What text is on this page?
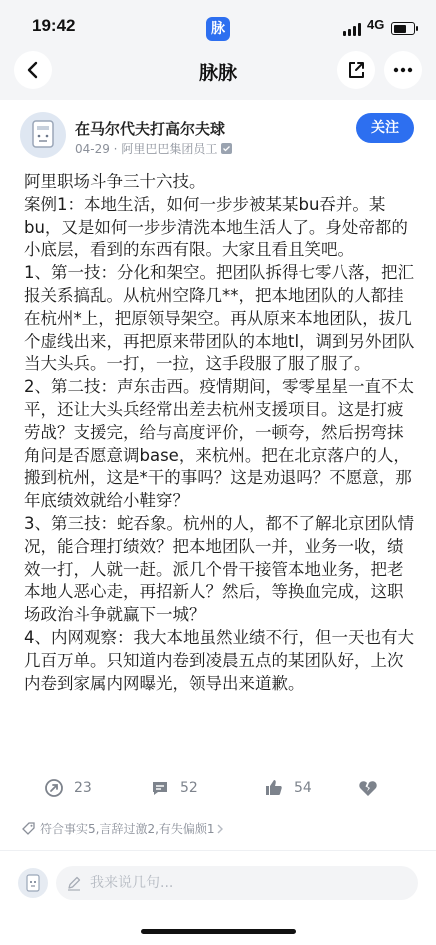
19:42	脉	4G
脉脉
在马尔代夫打高尔夫球
04-29 · 阿里巴巴集团员工
关注

阿里职场斗争三十六技。

案例1：本地生活，如何一步步被某某bu吞并。某bu，又是如何一步步清洗本地生活人了。身处帝都的小底层，看到的东西有限。大家且看且笑吧。

1、第一技：分化和架空。把团队拆得七零八落，把汇报关系搞乱。从杭州空降几**，把本地团队的人都挂在杭州*上，把原领导架空。再从原来本地团队，拔几个虚线出来，再把原来带团队的本地tl，调到另外团队当大头兵。一打，一拉，这手段服了服了服了。

2、第二技：声东击西。疫情期间，零零星星一直不太平，还让大头兵经常出差去杭州支援项目。这是打疲劳战？支援完，给与高度评价，一顿夸，然后拐弯抹角问是否愿意调base，来杭州。把在北京落户的人，搬到杭州，这是*干的事吗？这是劝退吗？不愿意，那年底绩效就给小鞋穿？

3、第三技：蛇吞象。杭州的人，都不了解北京团队情况，能合理打绩效？把本地团队一并，业务一收，绩效一打，人就一赶。派几个骨干接管本地业务，把老本地人恶心走，再招新人？然后，等换血完成，这职场政治斗争就赢下一城？

4、内网观察：我大本地虽然业绩不行，但一天也有大几百万单。只知道内卷到凌晨五点的某团队好，上次内卷到家属内网曝光，领导出来道歉。

23	52	54
符合事实5,言辞过激2,有失偏颇1
我来说几句...
